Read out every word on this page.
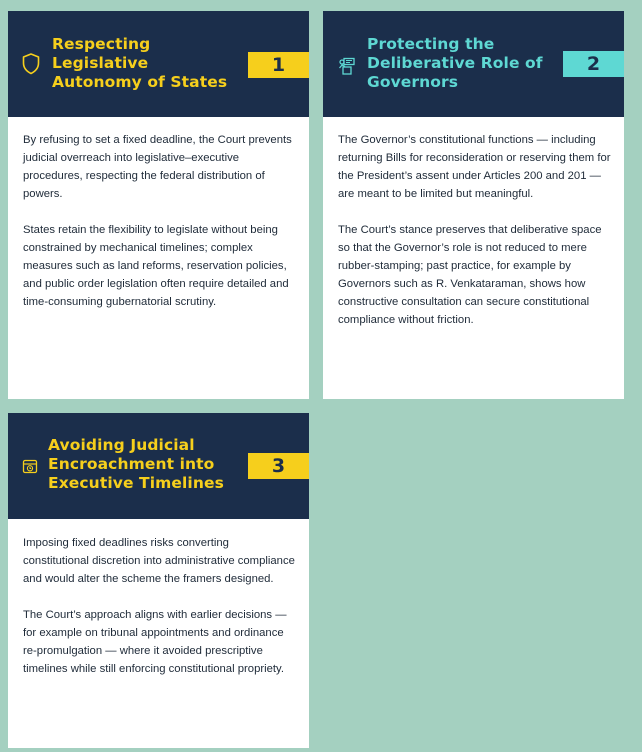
Respecting
Legislative
Autonomy of States
1

By refusing to set a fixed deadline, the Court prevents judicial overreach into legislative–executive procedures, respecting the federal distribution of powers.

States retain the flexibility to legislate without being constrained by mechanical timelines; complex measures such as land reforms, reservation policies, and public order legislation often require detailed and time-consuming gubernatorial scrutiny.

Protecting the
Deliberative Role of
Governors
2

The Governor’s constitutional functions — including returning Bills for reconsideration or reserving them for the President’s assent under Articles 200 and 201 — are meant to be limited but meaningful.

The Court’s stance preserves that deliberative space so that the Governor’s role is not reduced to mere rubber-stamping; past practice, for example by Governors such as R. Venkataraman, shows how constructive consultation can secure constitutional compliance without friction.

Avoiding Judicial
Encroachment into
Executive Timelines
3

Imposing fixed deadlines risks converting constitutional discretion into administrative compliance and would alter the scheme the framers designed.

The Court’s approach aligns with earlier decisions — for example on tribunal appointments and ordinance re-promulgation — where it avoided prescriptive timelines while still enforcing constitutional propriety.
